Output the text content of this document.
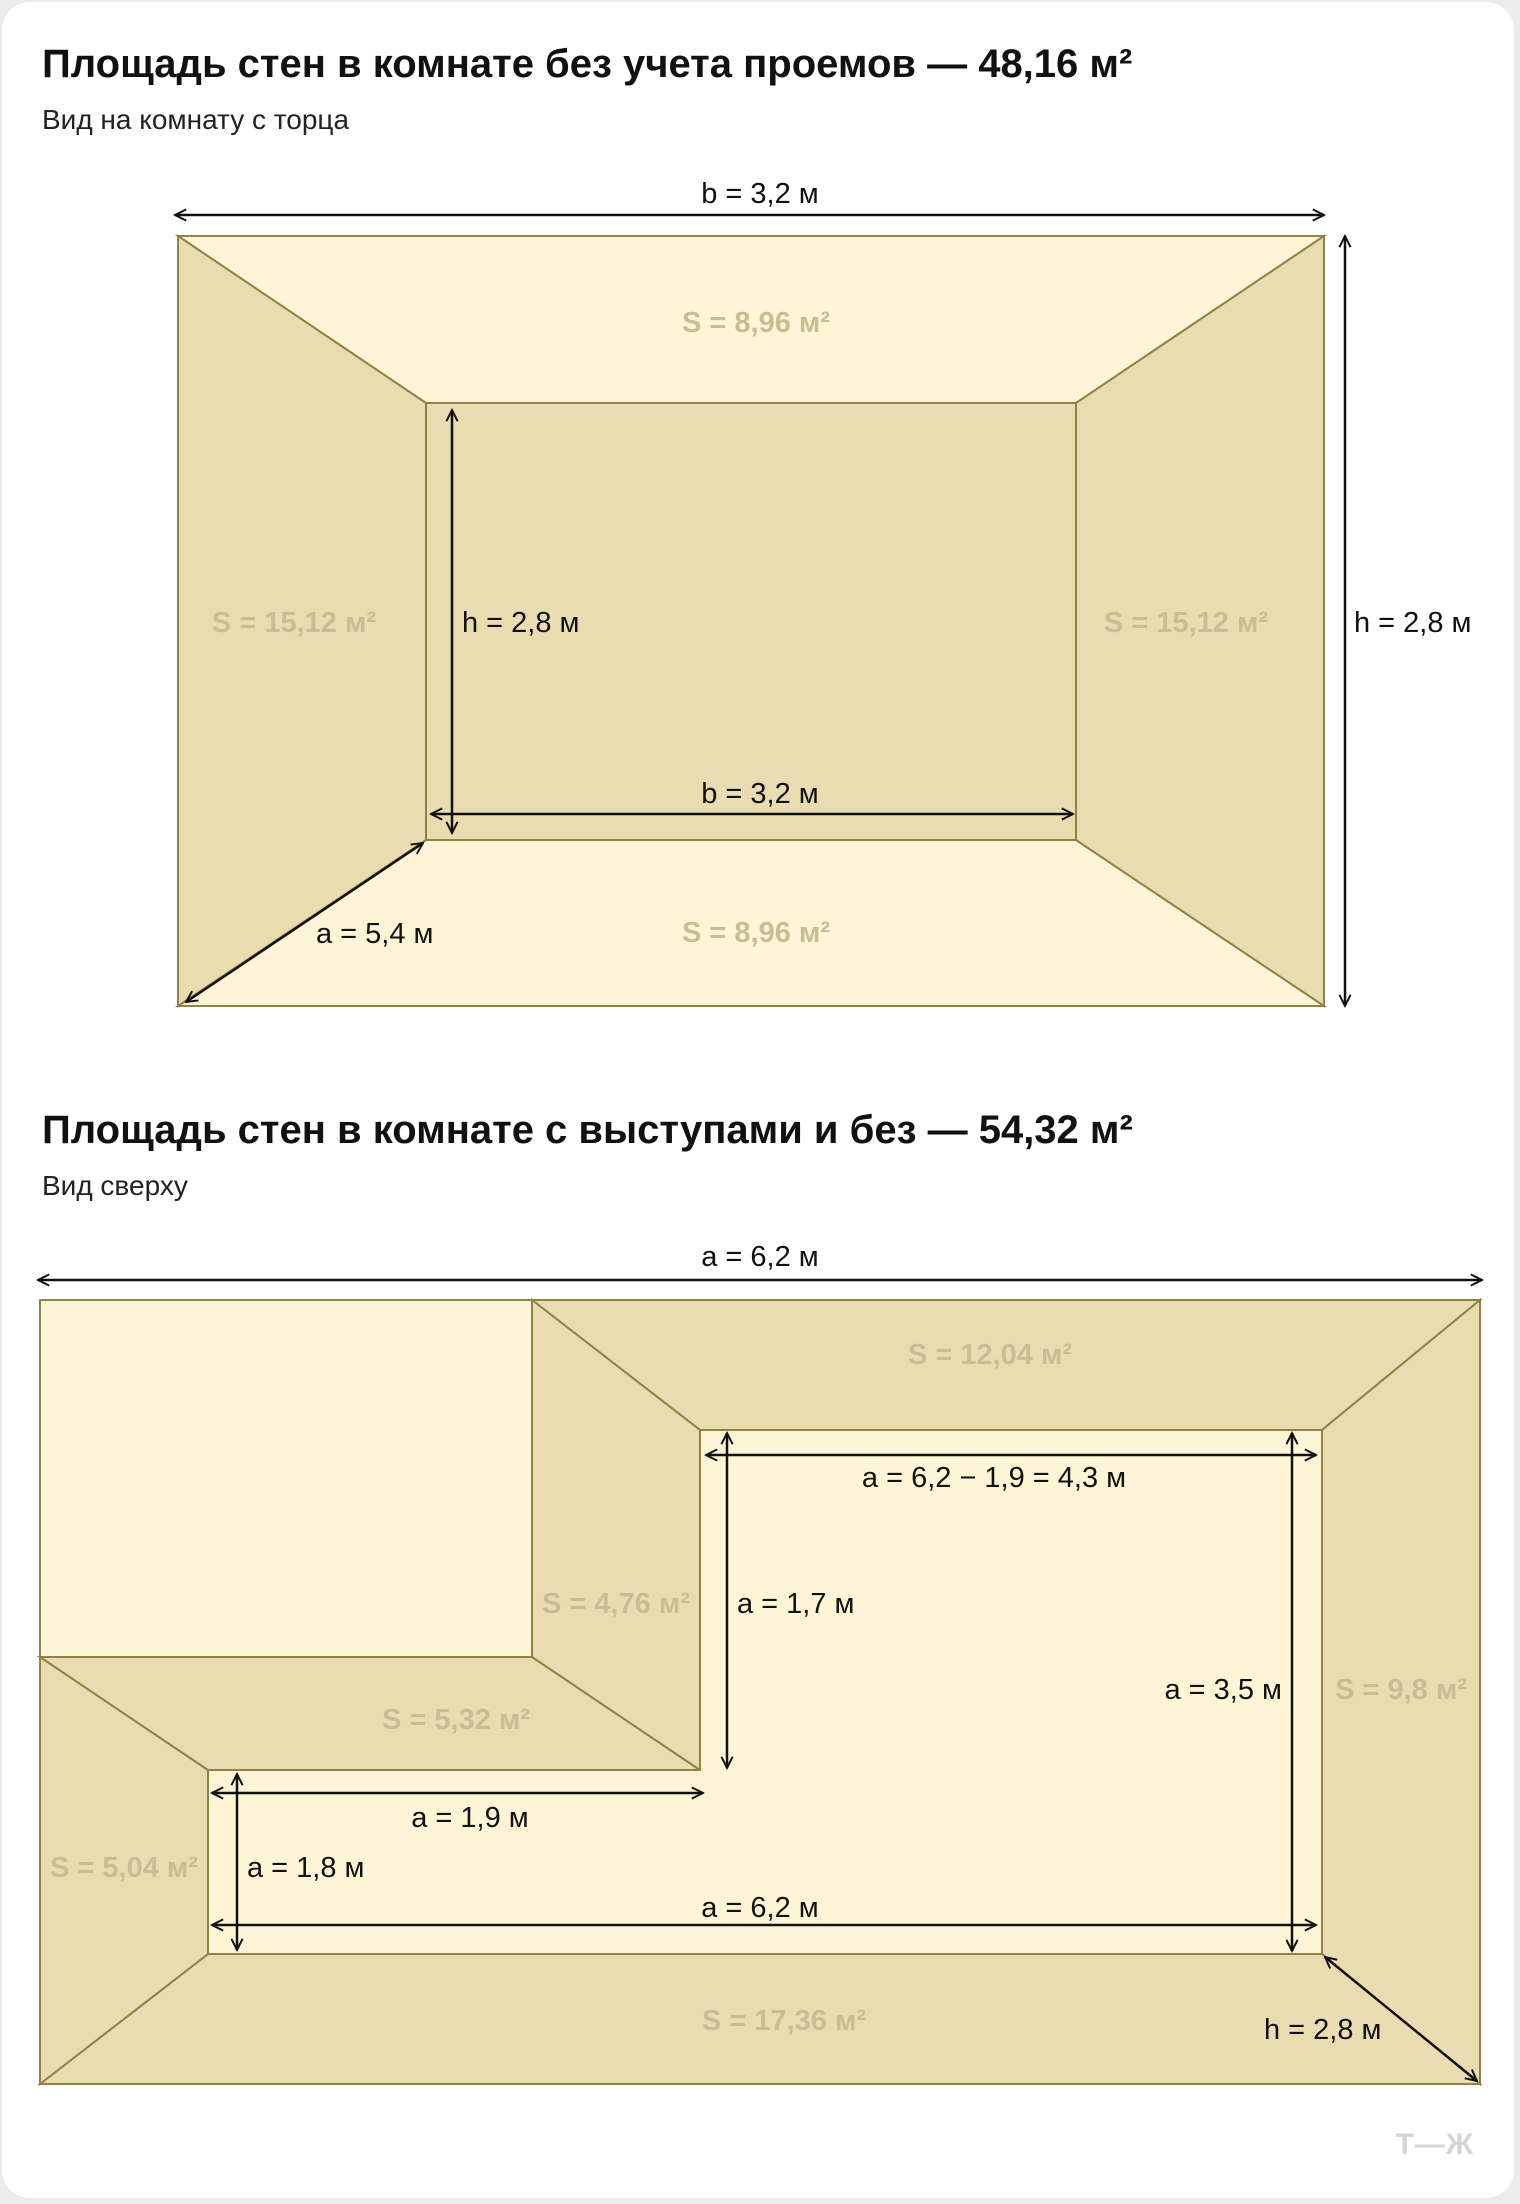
Площадь стен в комнате без учета проемов — 48,16 м²

Вид на комнату с торца

Площадь стен в комнате с выступами и без — 54,32 м²

Вид сверху

b = 3,2 м
h = 2,8 м
h = 2,8 м
b = 3,2 м
a = 5,4 м
S = 8,96 м²
S = 8,96 м²
S = 15,12 м²	S = 15,12 м²
a = 6,2 м
a = 6,2 − 1,9 = 4,3 м
a = 1,7 м
a = 3,5 м
a = 1,9 м
a = 1,8 м
a = 6,2 м
h = 2,8 м
S = 12,04 м²
S = 4,76 м²
S = 5,32 м²
S = 9,8 м²
S = 5,04 м²
S = 17,36 м²
Т—Ж
